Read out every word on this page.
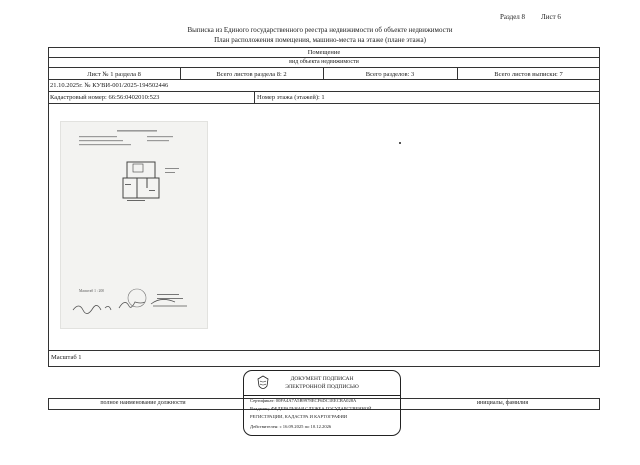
Раздел 8 Лист 6
Выписка из Единого государственного реестра недвижимости об объекте недвижимости
План расположения помещения, машино-места на этаже (плане этажа)
Помещение
вид объекта недвижимости
Лист № 1 раздела 8	Всего листов раздела 8: 2	Всего разделов: 3	Всего листов выписки: 7
21.10.2025г. № КУВИ-001/2025-194502446
Кадастровый номер: 66:56:0402010:523	Номер этажа (этажей): 1
Масштаб 1 : 200
Масштаб 1
полное наименование должности	инициалы, фамилия
ДОКУМЕНТ ПОДПИСАН
ЭЛЕКТРОННОЙ ПОДПИСЬЮ
Сертификат: 00FA4A7A5B9978ECF6DC1EECBA028A
Владелец: ФЕДЕРАЛЬНАЯ СЛУЖБА ГОСУДАРСТВЕННОЙ
РЕГИСТРАЦИИ, КАДАСТРА И КАРТОГРАФИИ
Действителен: с 16.09.2025 по 10.12.2026
